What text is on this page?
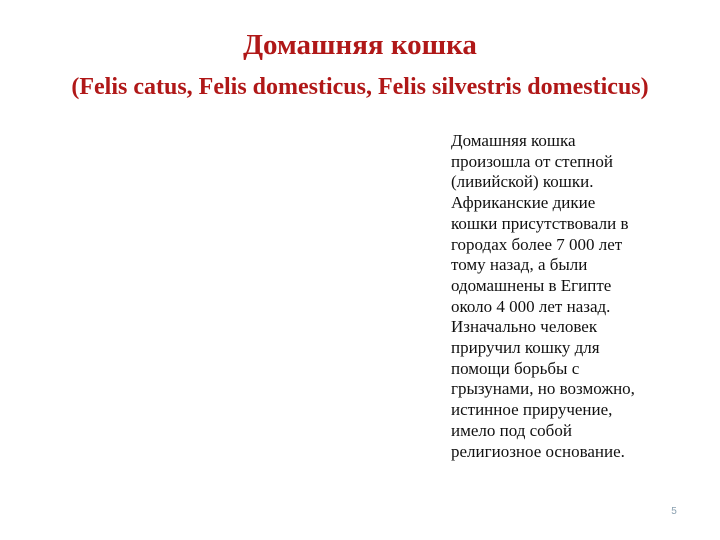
Домашняя кошка
(Felis catus, Felis domesticus, Felis silvestris domesticus)
Домашняя кошка
произошла от степной
(ливийской) кошки.
Африканские дикие
кошки присутствовали в
городах более 7 000 лет
тому назад, а были
одомашнены в Египте
около 4 000 лет назад.
Изначально человек
приручил кошку для
помощи борьбы с
грызунами, но возможно,
истинное приручение,
имело под собой
религиозное основание.
5
